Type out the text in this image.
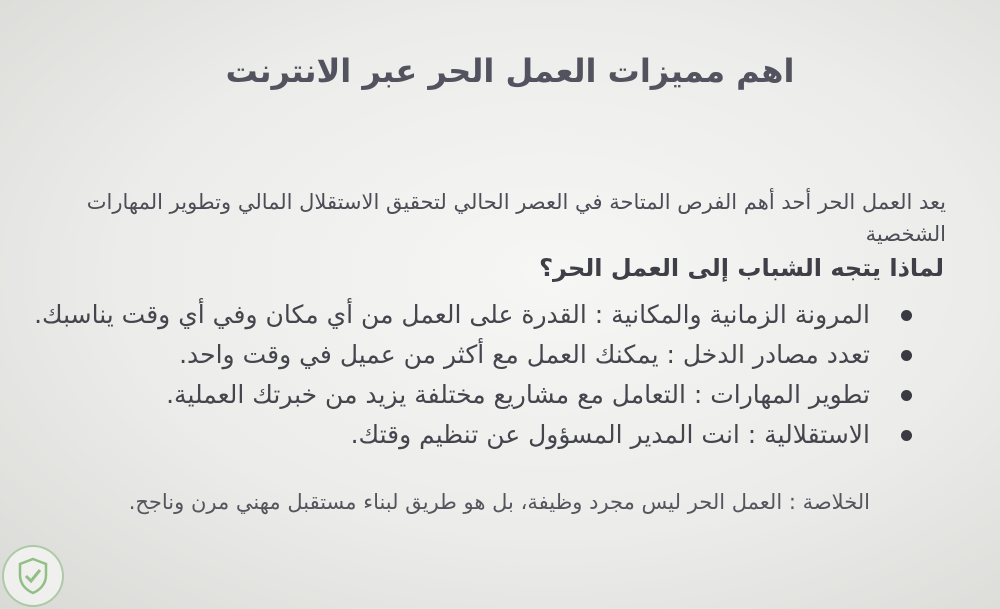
اهم مميزات العمل الحر عبر الانترنت
يعد العمل الحر أحد أهم الفرص المتاحة في العصر الحالي لتحقيق الاستقلال المالي وتطوير المهارات الشخصية
لماذا يتجه الشباب إلى العمل الحر؟
المرونة الزمانية والمكانية : القدرة على العمل من أي مكان وفي أي وقت يناسبك.
تعدد مصادر الدخل : يمكنك العمل مع أكثر من عميل في وقت واحد.
تطوير المهارات : التعامل مع مشاريع مختلفة يزيد من خبرتك العملية.
الاستقلالية : انت المدير المسؤول عن تنظيم وقتك.
الخلاصة : العمل الحر ليس مجرد وظيفة، بل هو طريق لبناء مستقبل مهني مرن وناجح.
